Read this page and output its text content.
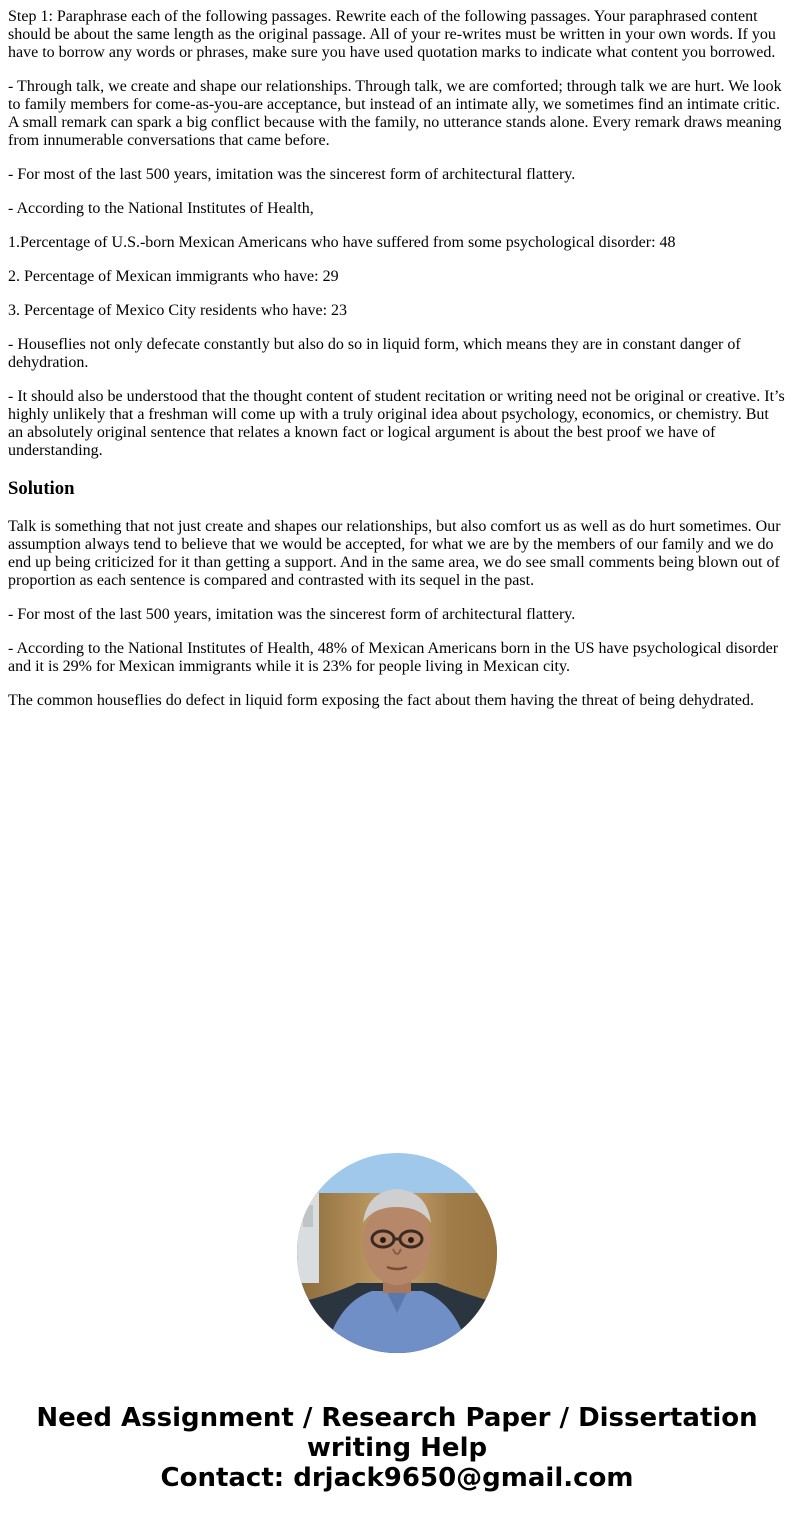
Step 1: Paraphrase each of the following passages. Rewrite each of the following passages. Your paraphrased content should be about the same length as the original passage. All of your re-writes must be written in your own words. If you have to borrow any words or phrases, make sure you have used quotation marks to indicate what content you borrowed.

- Through talk, we create and shape our relationships. Through talk, we are comforted; through talk we are hurt. We look to family members for come-as-you-are acceptance, but instead of an intimate ally, we sometimes find an intimate critic. A small remark can spark a big conflict because with the family, no utterance stands alone. Every remark draws meaning from innumerable conversations that came before.

- For most of the last 500 years, imitation was the sincerest form of architectural flattery.

- According to the National Institutes of Health,

1.Percentage of U.S.-born Mexican Americans who have suffered from some psychological disorder: 48

2. Percentage of Mexican immigrants who have: 29

3. Percentage of Mexico City residents who have: 23

- Houseflies not only defecate constantly but also do so in liquid form, which means they are in constant danger of dehydration.

- It should also be understood that the thought content of student recitation or writing need not be original or creative. It’s highly unlikely that a freshman will come up with a truly original idea about psychology, economics, or chemistry. But an absolutely original sentence that relates a known fact or logical argument is about the best proof we have of understanding.

Solution

Talk is something that not just create and shapes our relationships, but also comfort us as well as do hurt sometimes. Our assumption always tend to believe that we would be accepted, for what we are by the members of our family and we do end up being criticized for it than getting a support. And in the same area, we do see small comments being blown out of proportion as each sentence is compared and contrasted with its sequel in the past.

- For most of the last 500 years, imitation was the sincerest form of architectural flattery.

- According to the National Institutes of Health, 48% of Mexican Americans born in the US have psychological disorder and it is 29% for Mexican immigrants while it is 23% for people living in Mexican city.

The common houseflies do defect in liquid form exposing the fact about them having the threat of being dehydrated.

Need Assignment / Research Paper / Dissertation
writing Help
Contact: drjack9650@gmail.com
